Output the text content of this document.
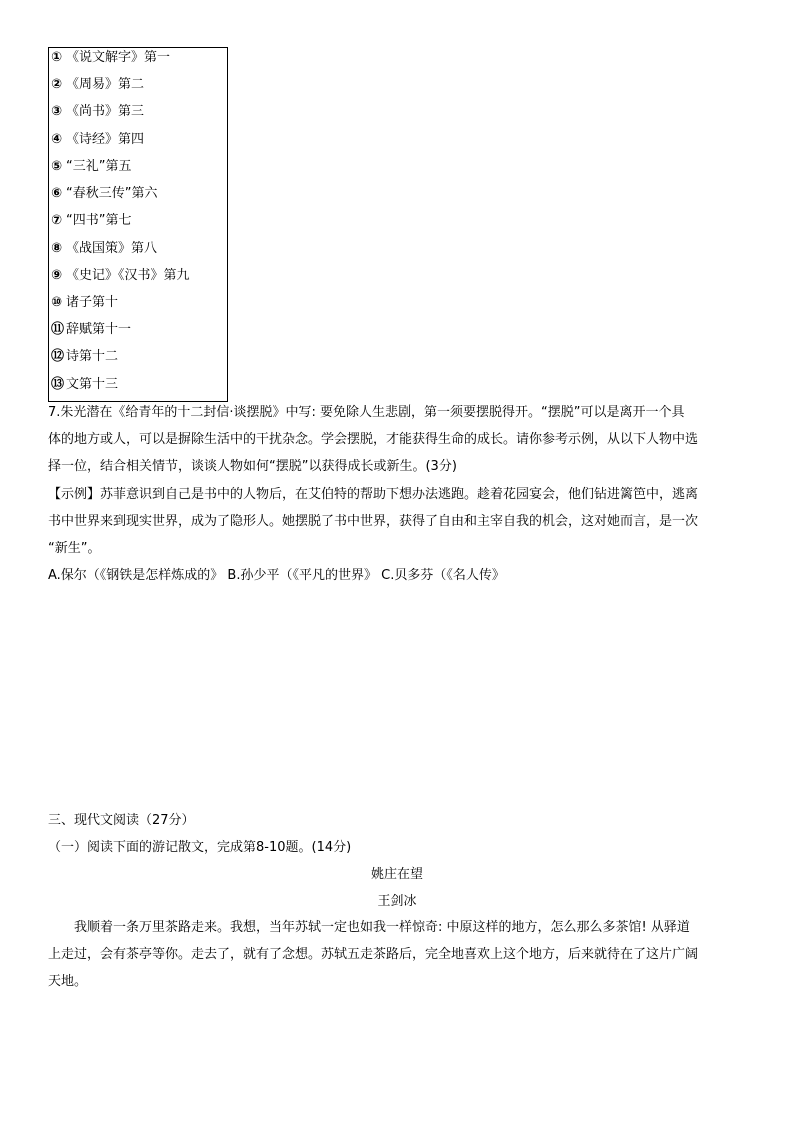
① 《说文解字》第一
② 《周易》第二
③ 《尚书》第三
④ 《诗经》第四
⑤ “三礼”第五
⑥ “春秋三传”第六
⑦ “四书”第七
⑧ 《战国策》第八
⑨ 《史记》《汉书》第九
⑩ 诸子第十
⑪ 辞赋第十一
⑫ 诗第十二
⑬ 文第十三
7.朱光潜在《给青年的十二封信·谈摆脱》中写: 要免除人生悲剧，第一须要摆脱得开。“摆脱”可以是离开一个具
体的地方或人，可以是摒除生活中的干扰杂念。学会摆脱，才能获得生命的成长。请你参考示例，从以下人物中选
择一位，结合相关情节，谈谈人物如何“摆脱”以获得成长或新生。(3分)
【示例】苏菲意识到自己是书中的人物后，在艾伯特的帮助下想办法逃跑。趁着花园宴会，他们钻进篱笆中，逃离
书中世界来到现实世界，成为了隐形人。她摆脱了书中世界，获得了自由和主宰自我的机会，这对她而言，是一次
“新生”。
A.保尔（《钢铁是怎样炼成的》 B.孙少平（《平凡的世界》 C.贝多芬（《名人传》
三、现代文阅读（27分）
（一）阅读下面的游记散文，完成第8-10题。(14分)
姚庄在望
王剑冰
我顺着一条万里茶路走来。我想，当年苏轼一定也如我一样惊奇: 中原这样的地方，怎么那么多茶馆! 从驿道
上走过，会有茶亭等你。走去了，就有了念想。苏轼五走茶路后，完全地喜欢上这个地方，后来就待在了这片广阔
天地。
